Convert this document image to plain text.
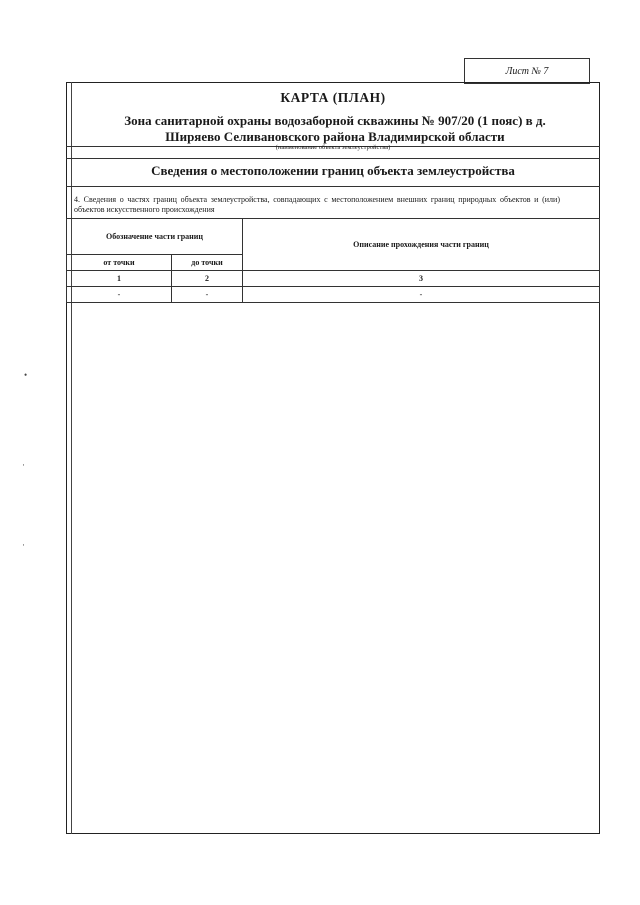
Лист № 7
КАРТА (ПЛАН)
Зона санитарной охраны водозаборной скважины № 907/20 (1 пояс) в д.
Ширяево Селивановского района Владимирской области
(наименование объекта землеустройства)
Сведения о местоположении границ объекта землеустройства
4. Сведения о частях границ объекта землеустройства, совпадающих с местоположением внешних границ природных объектов и (или) объектов искусственного происхождения
Обозначение части границ		Описание прохождения части границ
от точки	до точки	
1	2	3
-	-	-
•
·
·
